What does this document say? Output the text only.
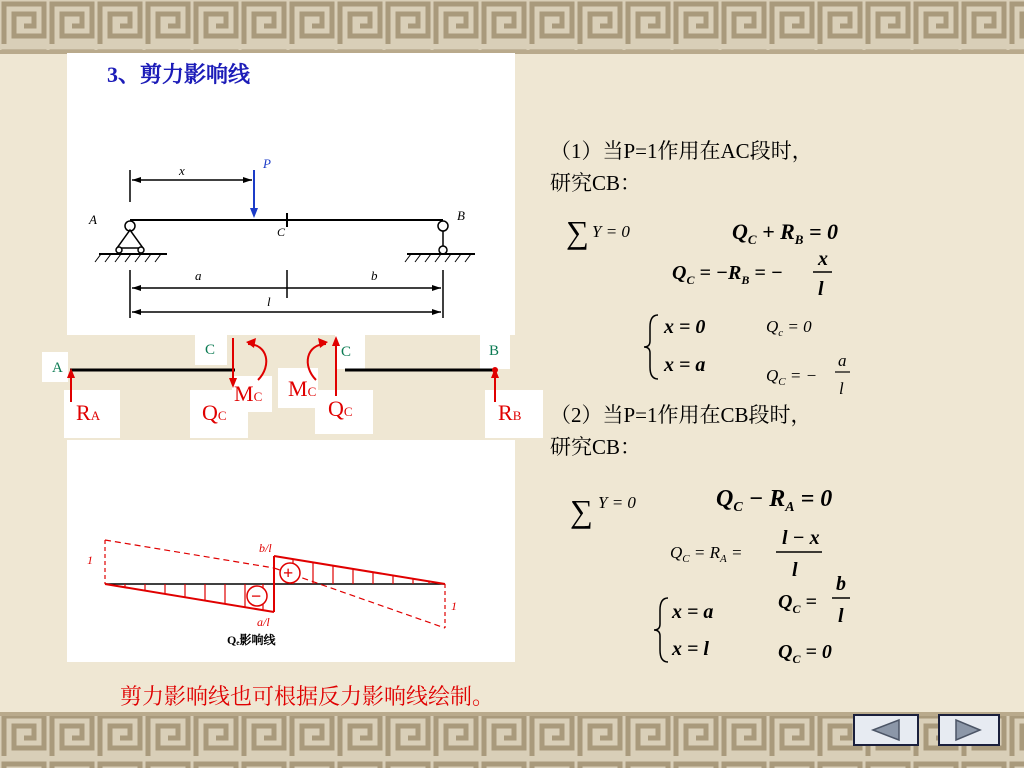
3、剪力影响线
P
x
A	B
C
a	b
l
A
C	C	B
RA	QC
MC MC
QC	RB
+
−
1
1
b/l
a/l
Qₑ影响线
（1）当P=1作用在AC段时，
研究CB：
∑ Y = 0	$Q_C + R_B = 0$
$Q_C = -R_B$ = −
x
l
x = 0	$Q_c = 0$
x = a	$Q_C$ = −
a
l
（2）当P=1作用在CB段时，
研究CB：
∑ Y = 0	$Q_C - R_A = 0$
$Q_C = R_A$ =
l − x
l
x = a	$Q_C$ =
b
l
x = l	$Q_C = 0$
剪力影响线也可根据反力影响线绘制。
